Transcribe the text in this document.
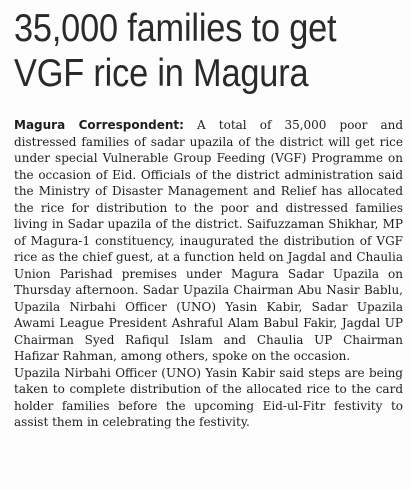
35,000 families to get
VGF rice in Magura

Magura Correspondent: A total of 35,000 poor and distressed families of sadar upazila of the district will get rice under special Vulnerable Group Feeding (VGF) Programme on the occasion of Eid. Officials of the district administration said the Ministry of Disaster Management and Relief has allocated the rice for distribution to the poor and distressed families living in Sadar upazila of the district. Saifuzzaman Shikhar, MP of Magura-1 constituency, inaugurated the distribution of VGF rice as the chief guest, at a function held on Jagdal and Chaulia Union Parishad premises under Magura Sadar Upazila on Thursday afternoon. Sadar Upazila Chairman Abu Nasir Bablu, Upazila Nirbahi Officer (UNO) Yasin Kabir, Sadar Upazila Awami League President Ashraful Alam Babul Fakir, Jagdal UP Chairman Syed Rafiqul Islam and Chaulia UP Chairman Hafizar Rahman, among others, spoke on the occasion.

Upazila Nirbahi Officer (UNO) Yasin Kabir said steps are being taken to complete distribution of the allocated rice to the card holder families before the upcoming Eid-ul-Fitr festivity to assist them in celebrating the festivity.
